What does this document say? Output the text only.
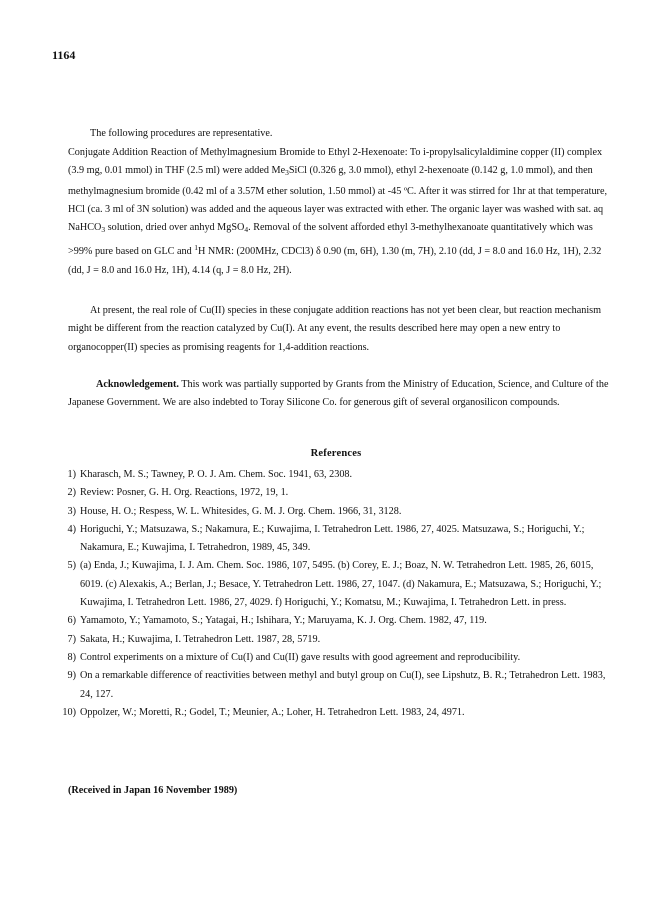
1164
The following procedures are representative.
Conjugate Addition Reaction of Methylmagnesium Bromide to Ethyl 2-Hexenoate: To i-propylsalicylaldimine copper (II) complex (3.9 mg, 0.01 mmol) in THF (2.5 ml) were added $Me_3SiCl$ (0.326 g, 3.0 mmol), ethyl 2-hexenoate (0.142 g, 1.0 mmol), and then methylmagnesium bromide (0.42 ml of a 3.57M ether solution, 1.50 mmol) at -45 ºC. After it was stirred for 1hr at that temperature, HCl (ca. 3 ml of 3N solution) was added and the aqueous layer was extracted with ether. The organic layer was washed with sat. aq NaHCO$_3$ solution, dried over anhyd MgSO$_4$. Removal of the solvent afforded ethyl 3-methylhexanoate quantitatively which was >99% pure based on GLC and $^1$H NMR: (200MHz, CDCl3) δ 0.90 (m, 6H), 1.30 (m, 7H), 2.10 (dd, J = 8.0 and 16.0 Hz, 1H), 2.32 (dd, J = 8.0 and 16.0 Hz, 1H), 4.14 (q, J = 8.0 Hz, 2H).
At present, the real role of Cu(II) species in these conjugate addition reactions has not yet been clear, but reaction mechanism might be different from the reaction catalyzed by Cu(I). At any event, the results described here may open a new entry to organocopper(II) species as promising reagents for 1,4-addition reactions.
Acknowledgement. This work was partially supported by Grants from the Ministry of Education, Science, and Culture of the Japanese Government. We are also indebted to Toray Silicone Co. for generous gift of several organosilicon compounds.
References
1) Kharasch, M. S.; Tawney, P. O. J. Am. Chem. Soc. 1941, 63, 2308.
2) Review: Posner, G. H. Org. Reactions, 1972, 19, 1.
3) House, H. O.; Respess, W. L. Whitesides, G. M. J. Org. Chem. 1966, 31, 3128.
4) Horiguchi, Y.; Matsuzawa, S.; Nakamura, E.; Kuwajima, I. Tetrahedron Lett. 1986, 27, 4025. Matsuzawa, S.; Horiguchi, Y.; Nakamura, E.; Kuwajima, I. Tetrahedron, 1989, 45, 349.
5) (a) Enda, J.; Kuwajima, I. J. Am. Chem. Soc. 1986, 107, 5495. (b) Corey, E. J.; Boaz, N. W. Tetrahedron Lett. 1985, 26, 6015, 6019. (c) Alexakis, A.; Berlan, J.; Besace, Y. Tetrahedron Lett. 1986, 27, 1047. (d) Nakamura, E.; Matsuzawa, S.; Horiguchi, Y.; Kuwajima, I. Tetrahedron Lett. 1986, 27, 4029. f) Horiguchi, Y.; Komatsu, M.; Kuwajima, I. Tetrahedron Lett. in press.
6) Yamamoto, Y.; Yamamoto, S.; Yatagai, H.; Ishihara, Y.; Maruyama, K. J. Org. Chem. 1982, 47, 119.
7) Sakata, H.; Kuwajima, I. Tetrahedron Lett. 1987, 28, 5719.
8) Control experiments on a mixture of Cu(I) and Cu(II) gave results with good agreement and reproducibility.
9) On a remarkable difference of reactivities between methyl and butyl group on Cu(I), see Lipshutz, B. R.; Tetrahedron Lett. 1983, 24, 127.
10) Oppolzer, W.; Moretti, R.; Godel, T.; Meunier, A.; Loher, H. Tetrahedron Lett. 1983, 24, 4971.
(Received in Japan 16 November 1989)
